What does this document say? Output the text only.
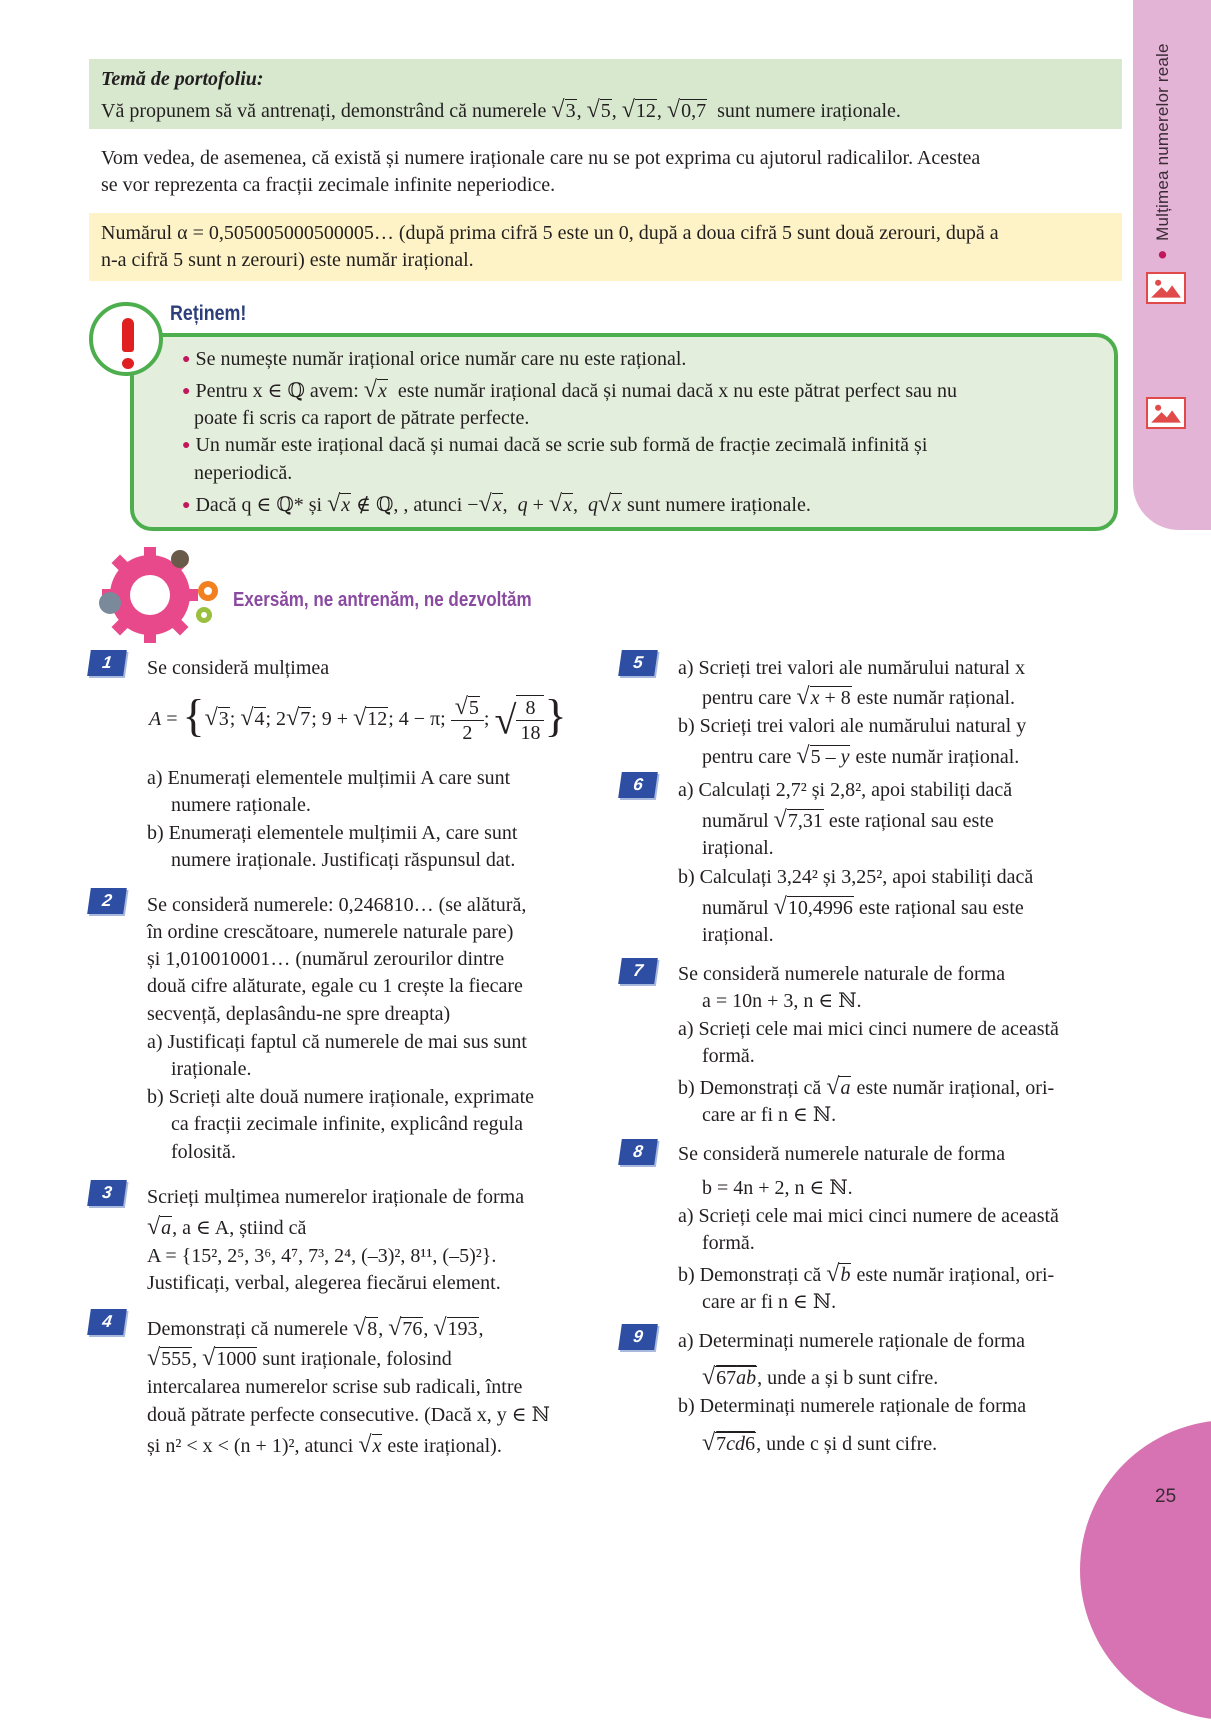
● Mulțimea numerelor reale
Temă de portofoliu:
Vă propunem să vă antrenați, demonstrând că numerele √3, √5, √12, √0,7 sunt numere iraționale.
Vom vedea, de asemenea, că există și numere iraționale care nu se pot exprima cu ajutorul radicalilor. Acestea
se vor reprezenta ca fracții zecimale infinite neperiodice.
Numărul α = 0,505005000500005… (după prima cifră 5 este un 0, după a doua cifră 5 sunt două zerouri, după a
n-a cifră 5 sunt n zerouri) este număr irațional.
Reținem!
● Se numește număr irațional orice număr care nu este rațional.
● Pentru x ∈ ℚ avem: √x este număr irațional dacă și numai dacă x nu este pătrat perfect sau nu
poate fi scris ca raport de pătrate perfecte.
● Un număr este irațional dacă și numai dacă se scrie sub formă de fracție zecimală infinită și
neperiodică.
● Dacă q ∈ ℚ* și √x ∉ ℚ, , atunci −√x,  q + √x,  q√x sunt numere iraționale.
Exersăm, ne antrenăm, ne dezvoltăm
1	Se consideră mulțimea
A = {√3; √4; 2√7; 9 + √12; 4 − π; $\frac{√5}{2}$ ; √ $\frac{8}{18}$ }
a) Enumerați elementele mulțimii A care sunt
numere raționale.
b) Enumerați elementele mulțimii A, care sunt
numere iraționale. Justificați răspunsul dat.
2	Se consideră numerele: 0,246810… (se alătură,
în ordine crescătoare, numerele naturale pare)
și 1,010010001… (numărul zerourilor dintre
două cifre alăturate, egale cu 1 crește la fiecare
secvență, deplasându-ne spre dreapta)
a) Justificați faptul că numerele de mai sus sunt
iraționale.
b) Scrieți alte două numere iraționale, exprimate
ca fracții zecimale infinite, explicând regula
folosită.
3	Scrieți mulțimea numerelor iraționale de forma
√a, a ∈ A, știind că
A = {15², 2⁵, 3⁶, 4⁷, 7³, 2⁴, (–3)², 8¹¹, (–5)²}.
Justificați, verbal, alegerea fiecărui element.
4	Demonstrați că numerele √8, √76, √193,
√555, √1000 sunt iraționale, folosind
intercalarea numerelor scrise sub radicali, între
două pătrate perfecte consecutive. (Dacă x, y ∈ ℕ
și n² < x < (n + 1)², atunci √x este irațional).
5	a) Scrieți trei valori ale numărului natural x
pentru care √x + 8 este număr rațional.
b) Scrieți trei valori ale numărului natural y
pentru care √5 – y este număr irațional.
6	a) Calculați 2,7² și 2,8², apoi stabiliți dacă
numărul √7,31 este rațional sau este
irațional.
b) Calculați 3,24² și 3,25², apoi stabiliți dacă
numărul √10,4996 este rațional sau este
irațional.
7	Se consideră numerele naturale de forma
a = 10n + 3, n ∈ ℕ.
a) Scrieți cele mai mici cinci numere de această
formă.
b) Demonstrați că √a este număr irațional, ori-
care ar fi n ∈ ℕ.
8	Se consideră numerele naturale de forma
b = 4n + 2, n ∈ ℕ.
a) Scrieți cele mai mici cinci numere de această
formă.
b) Demonstrați că √b este număr irațional, ori-
care ar fi n ∈ ℕ.
9	a) Determinați numerele raționale de forma
√67ab, unde a și b sunt cifre.
b) Determinați numerele raționale de forma
√7cd6, unde c și d sunt cifre.
25
